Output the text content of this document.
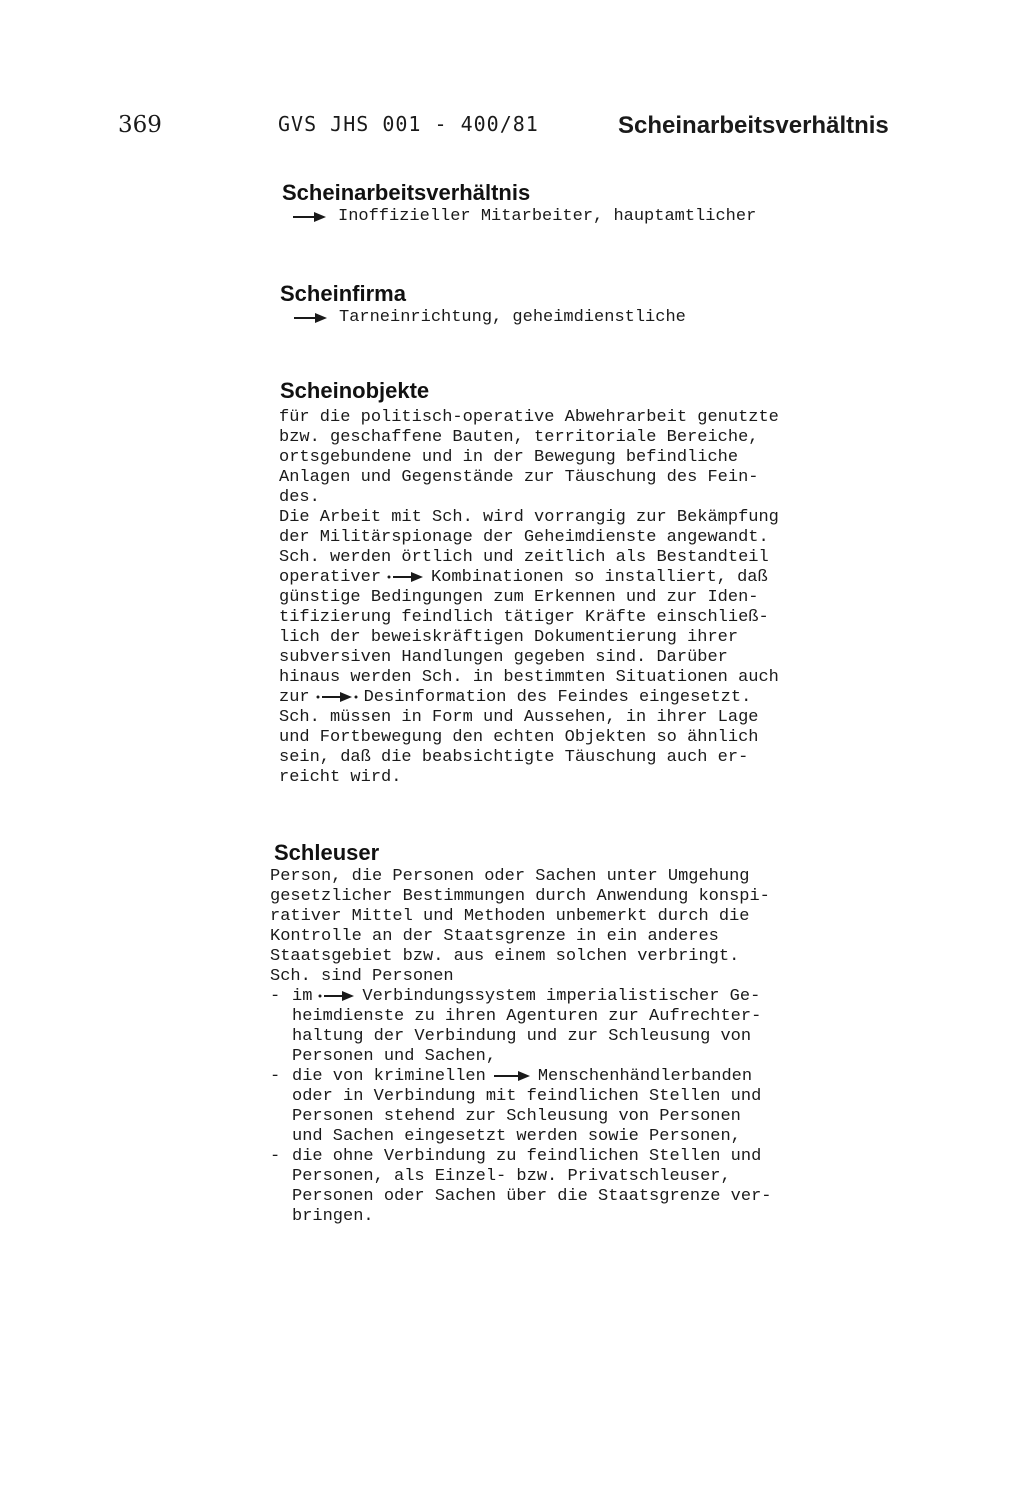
369	GVS JHS 001 - 400/81	Scheinarbeitsverhältnis
Scheinarbeitsverhältnis
Inoffizieller Mitarbeiter, hauptamtlicher
Scheinfirma
Tarneinrichtung, geheimdienstliche
Scheinobjekte
für die politisch-operative Abwehrarbeit genutzte
bzw. geschaffene Bauten, territoriale Bereiche,
ortsgebundene und in der Bewegung befindliche
Anlagen und Gegenstände zur Täuschung des Fein-
des.
Die Arbeit mit Sch. wird vorrangig zur Bekämpfung
der Militärspionage der Geheimdienste angewandt.
Sch. werden örtlich und zeitlich als Bestandteil
operativer	Kombinationen so installiert, daß
günstige Bedingungen zum Erkennen und zur Iden-
tifizierung feindlich tätiger Kräfte einschließ-
lich der beweiskräftigen Dokumentierung ihrer
subversiven Handlungen gegeben sind. Darüber
hinaus werden Sch. in bestimmten Situationen auch
zur	Desinformation des Feindes eingesetzt.
Sch. müssen in Form und Aussehen, in ihrer Lage
und Fortbewegung den echten Objekten so ähnlich
sein, daß die beabsichtigte Täuschung auch er-
reicht wird.
Schleuser
Person, die Personen oder Sachen unter Umgehung
gesetzlicher Bestimmungen durch Anwendung konspi-
rativer Mittel und Methoden unbemerkt durch die
Kontrolle an der Staatsgrenze in ein anderes
Staatsgebiet bzw. aus einem solchen verbringt.
Sch. sind Personen
- im	Verbindungssystem imperialistischer Ge-
heimdienste zu ihren Agenturen zur Aufrechter-
haltung der Verbindung und zur Schleusung von
Personen und Sachen,
- die von kriminellen	Menschenhändlerbanden
oder in Verbindung mit feindlichen Stellen und
Personen stehend zur Schleusung von Personen
und Sachen eingesetzt werden sowie Personen,
- die ohne Verbindung zu feindlichen Stellen und
Personen, als Einzel- bzw. Privatschleuser,
Personen oder Sachen über die Staatsgrenze ver-
bringen.
